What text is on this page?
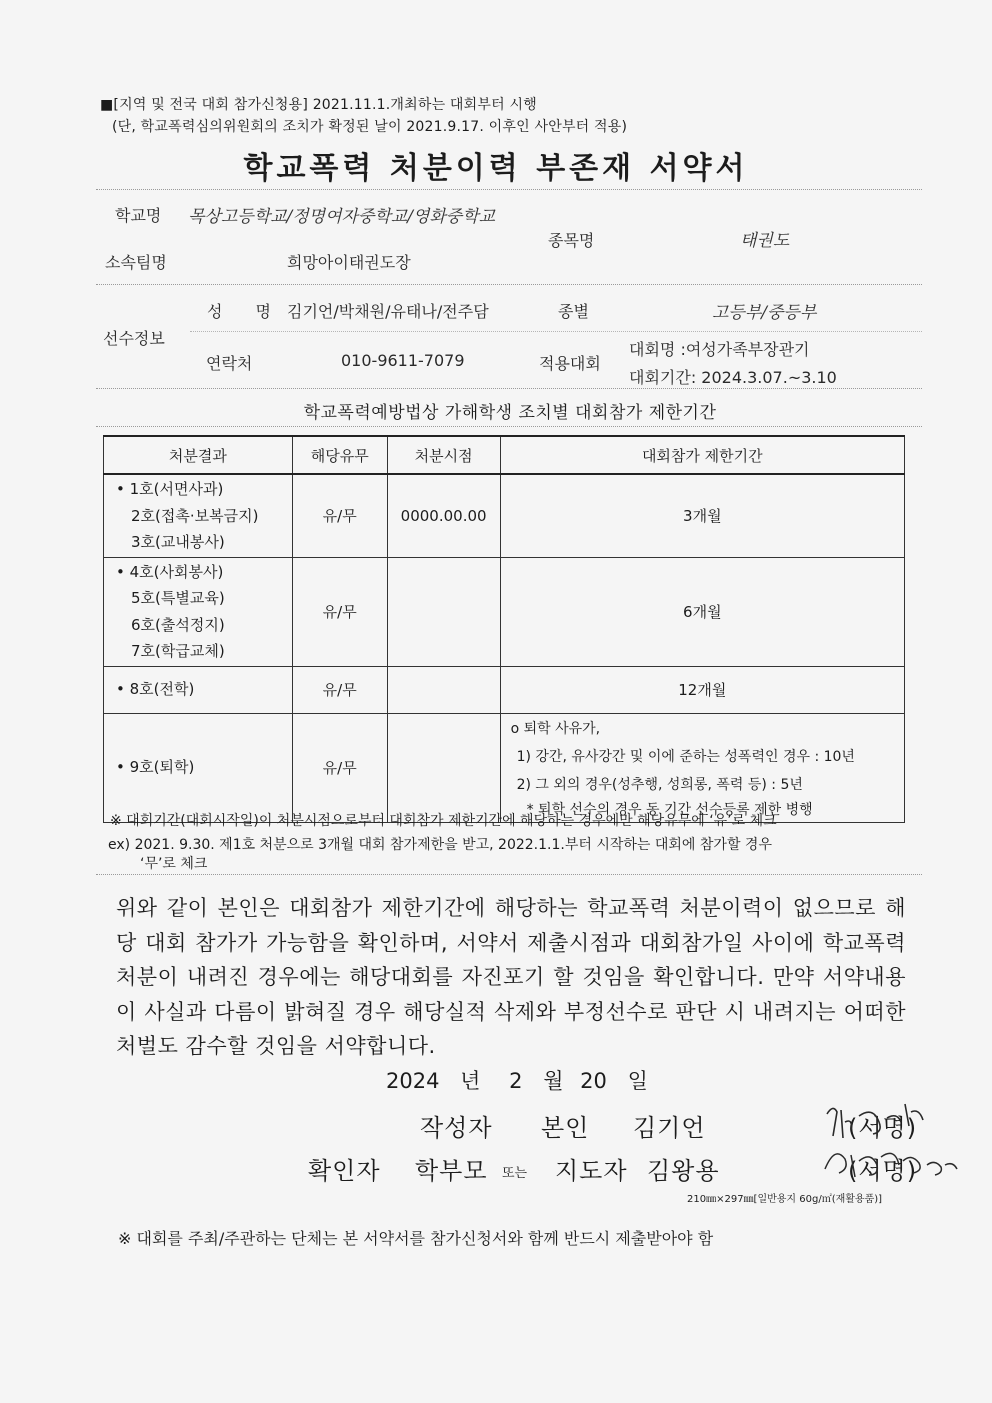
■[지역 및 전국 대회 참가신청용] 2021.11.1.개최하는 대회부터 시행
(단, 학교폭력심의위원회의 조치가 확정된 날이 2021.9.17. 이후인 사안부터 적용)
학교폭력 처분이력 부존재 서약서
학교명 목상고등학교/정명여자중학교/영화중학교
종목명	태권도
소속팀명	희망아이태권도장
선수정보
성 명 김기언/박채원/유태나/전주담	종별	고등부/중등부
연락처	010-9611-7079	적용대회
대회명 :여성가족부장관기
대회기간: 2024.3.07.~3.10
학교폭력예방법상 가해학생 조치별 대회참가 제한기간
처분결과	해당유무	처분시점	대회참가 제한기간

• 1호(서면사과)
2호(접촉·보복금지)
3호(교내봉사)	유/무	0000.00.00	3개월

• 4호(사회봉사)
5호(특별교육)
6호(출석정지)
7호(학급교체)	유/무		6개월

• 8호(전학)	유/무		12개월

• 9호(퇴학)	유/무		o 퇴학 사유가,
1) 강간, 유사강간 및 이에 준하는 성폭력인 경우 : 10년
2) 그 외의 경우(성추행, 성희롱, 폭력 등) : 5년
* 퇴학 선수의 경우 동 기간 선수등록 제한 병행
※ 대회기간(대회시작일)이 처분시점으로부터 대회참가 제한기간에 해당하는 경우에만 해당유무에 ‘유’로 체크
ex) 2021. 9.30. 제1호 처분으로 3개월 대회 참가제한을 받고, 2022.1.1.부터 시작하는 대회에 참가할 경우
‘무’로 체크
위와 같이 본인은 대회참가 제한기간에 해당하는 학교폭력 처분이력이 없으므로 해당 대회 참가가 가능함을 확인하며, 서약서 제출시점과 대회참가일 사이에 학교폭력 처분이 내려진 경우에는 해당대회를 자진포기 할 것임을 확인합니다. 만약 서약내용이 사실과 다름이 밝혀질 경우 해당실적 삭제와 부정선수로 판단 시 내려지는 어떠한 처벌도 감수할 것임을 서약합니다.
2024 년 2 월 20 일
작성자 본인 김기언	(서명)
확인자 학부모 또는 지도자 김왕용	(서명)
210㎜×297㎜[일반용지 60g/㎡(재활용품)]
※ 대회를 주최/주관하는 단체는 본 서약서를 참가신청서와 함께 반드시 제출받아야 함
